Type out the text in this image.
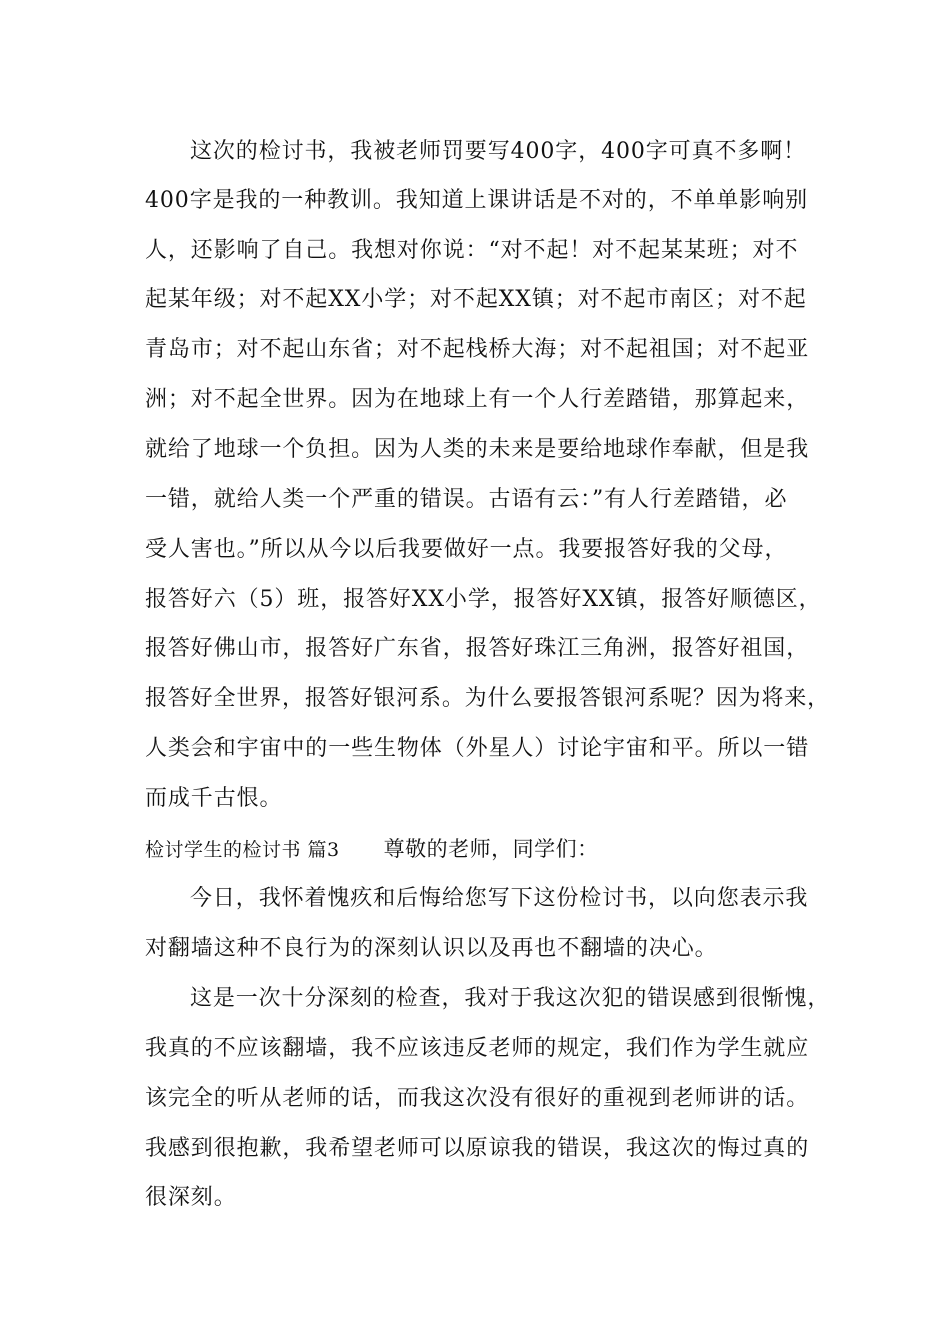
这次的检讨书，我被老师罚要写400字，400字可真不多啊！
400字是我的一种教训。我知道上课讲话是不对的，不单单影响别
人，还影响了自己。我想对你说：“对不起！对不起某某班；对不
起某年级；对不起XX小学；对不起XX镇；对不起市南区；对不起
青岛市；对不起山东省；对不起栈桥大海；对不起祖国；对不起亚
洲；对不起全世界。因为在地球上有一个人行差踏错，那算起来，
就给了地球一个负担。因为人类的未来是要给地球作奉献，但是我
一错，就给人类一个严重的错误。古语有云：”有人行差踏错，必
受人害也。”所以从今以后我要做好一点。我要报答好我的父母，
报答好六（5）班，报答好XX小学，报答好XX镇，报答好顺德区，
报答好佛山市，报答好广东省，报答好珠江三角洲，报答好祖国，
报答好全世界，报答好银河系。为什么要报答银河系呢？因为将来，
人类会和宇宙中的一些生物体（外星人）讨论宇宙和平。所以一错
而成千古恨。
检讨学生的检讨书 篇3 尊敬的老师，同学们：
今日，我怀着愧疚和后悔给您写下这份检讨书，以向您表示我
对翻墙这种不良行为的深刻认识以及再也不翻墙的决心。
这是一次十分深刻的检查，我对于我这次犯的错误感到很惭愧，
我真的不应该翻墙，我不应该违反老师的规定，我们作为学生就应
该完全的听从老师的话，而我这次没有很好的重视到老师讲的话。
我感到很抱歉，我希望老师可以原谅我的错误，我这次的悔过真的
很深刻。
